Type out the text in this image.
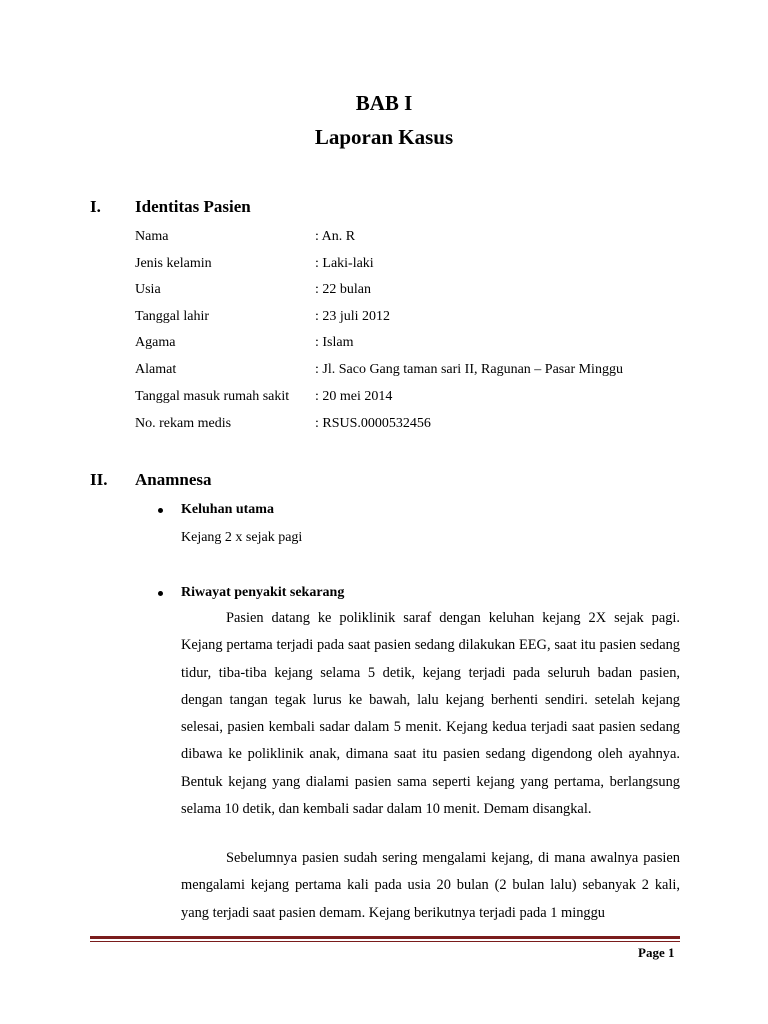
BAB I
Laporan Kasus
I. Identitas Pasien
Nama	: An. R
Jenis kelamin	: Laki-laki
Usia	: 22 bulan
Tanggal lahir	: 23 juli 2012
Agama	: Islam
Alamat	: Jl. Saco Gang taman sari II, Ragunan – Pasar Minggu
Tanggal masuk rumah sakit : 20 mei 2014
No. rekam medis	: RSUS.0000532456
II. Anamnesa
Keluhan utama
Kejang 2 x sejak pagi
Riwayat penyakit sekarang
Pasien datang ke poliklinik saraf dengan keluhan kejang 2X sejak pagi. Kejang pertama terjadi pada saat pasien sedang dilakukan EEG, saat itu pasien sedang tidur, tiba-tiba kejang selama 5 detik, kejang terjadi pada seluruh badan pasien, dengan tangan tegak lurus ke bawah, lalu kejang berhenti sendiri. setelah kejang selesai, pasien kembali sadar dalam 5 menit. Kejang kedua terjadi saat pasien sedang dibawa ke poliklinik anak, dimana saat itu pasien sedang digendong oleh ayahnya. Bentuk kejang yang dialami pasien sama seperti kejang yang pertama, berlangsung selama 10 detik, dan kembali sadar dalam 10 menit. Demam disangkal.
Sebelumnya pasien sudah sering mengalami kejang, di mana awalnya pasien mengalami kejang pertama kali pada usia 20 bulan (2 bulan lalu) sebanyak 2 kali, yang terjadi saat pasien demam. Kejang berikutnya terjadi pada 1 minggu
Page 1
